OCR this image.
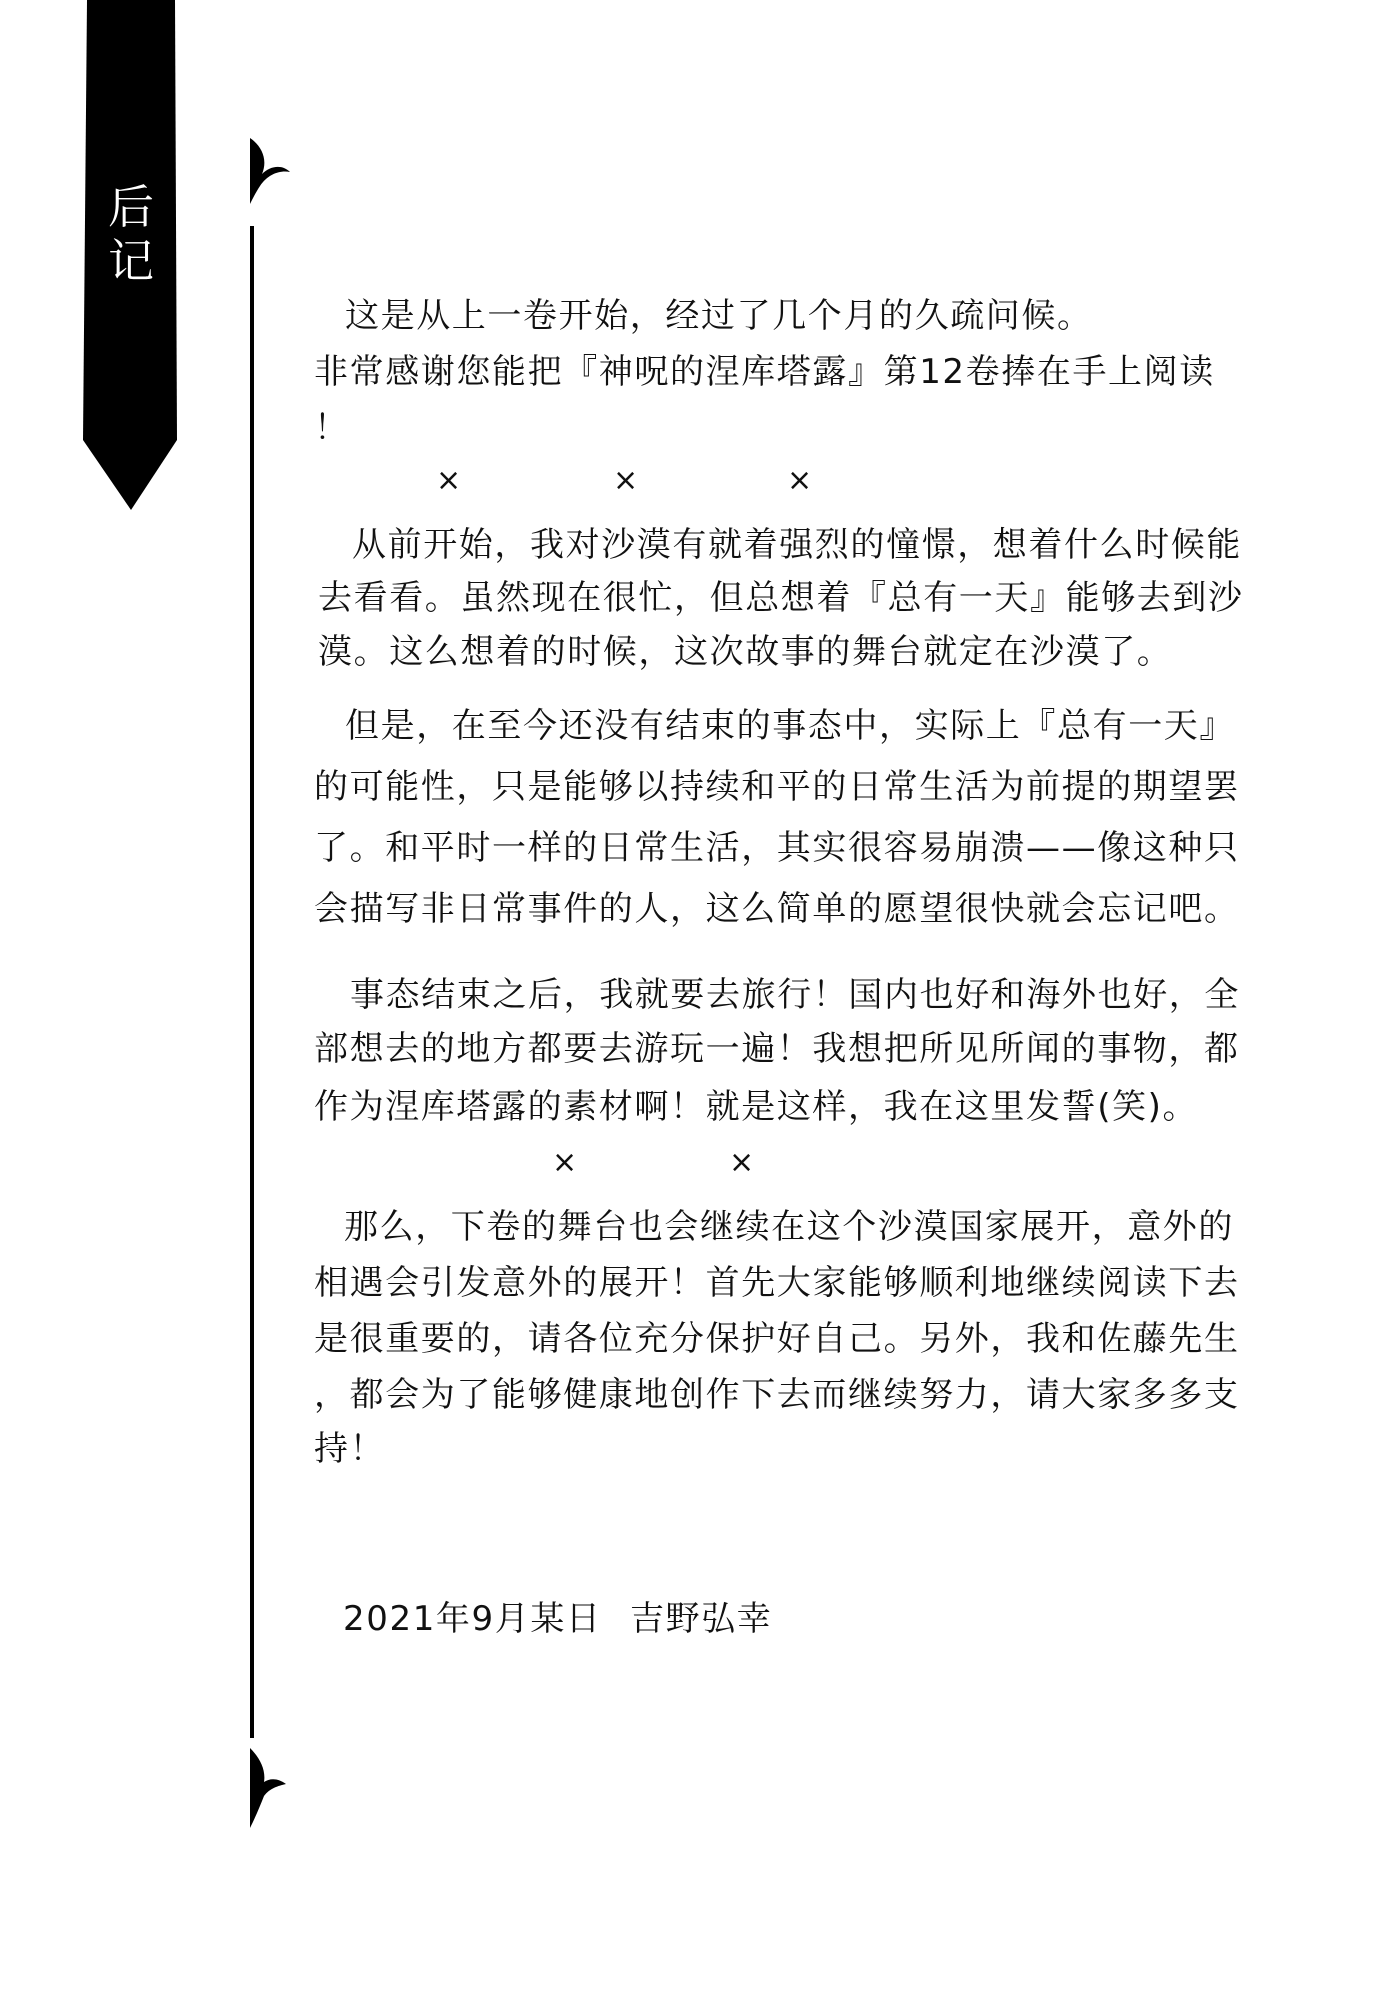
后
记
这是从上一卷开始，经过了几个月的久疏问候。
非常感谢您能把『神呪的涅库塔露』第12卷捧在手上阅读
！
×	×	×
从前开始，我对沙漠有就着强烈的憧憬，想着什么时候能
去看看。虽然现在很忙，但总想着『总有一天』能够去到沙
漠。这么想着的时候，这次故事的舞台就定在沙漠了。
但是，在至今还没有结束的事态中，实际上『总有一天』
的可能性，只是能够以持续和平的日常生活为前提的期望罢
了。和平时一样的日常生活，其实很容易崩溃——像这种只
会描写非日常事件的人，这么简单的愿望很快就会忘记吧。
事态结束之后，我就要去旅行！国内也好和海外也好，全
部想去的地方都要去游玩一遍！我想把所见所闻的事物，都
作为涅库塔露的素材啊！就是这样，我在这里发誓(笑)。
×	×
那么，下卷的舞台也会继续在这个沙漠国家展开，意外的
相遇会引发意外的展开！首先大家能够顺利地继续阅读下去
是很重要的，请各位充分保护好自己。另外，我和佐藤先生
，都会为了能够健康地创作下去而继续努力，请大家多多支
持！
2021年9月某日 吉野弘幸
